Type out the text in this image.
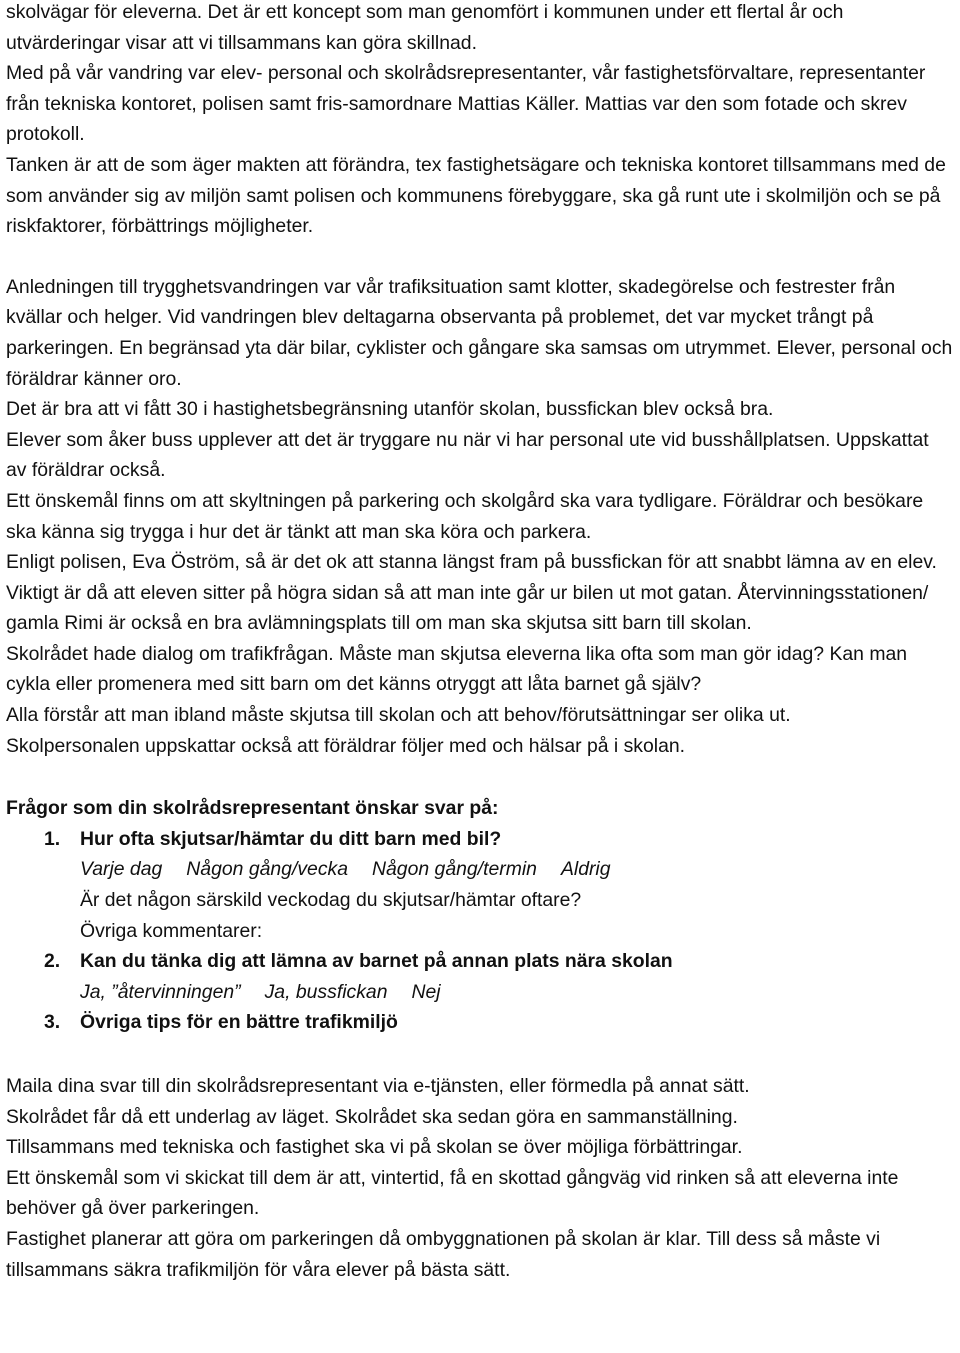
skolvägar för eleverna. Det är ett koncept som man genomfört i kommunen under ett flertal år och utvärderingar visar att vi tillsammans kan göra skillnad.

Med på vår vandring var elev- personal och skolrådsrepresentanter, vår fastighetsförvaltare, representanter från tekniska kontoret, polisen samt fris-samordnare Mattias Käller. Mattias var den som fotade och skrev protokoll.

Tanken är att de som äger makten att förändra, tex fastighetsägare och tekniska kontoret tillsammans med de som använder sig av miljön samt polisen och kommunens förebyggare, ska gå runt ute i skolmiljön och se på riskfaktorer, förbättrings möjligheter.

Anledningen till trygghetsvandringen var vår trafiksituation samt klotter, skadegörelse och festrester från kvällar och helger. Vid vandringen blev deltagarna observanta på problemet, det var mycket trångt på parkeringen. En begränsad yta där bilar, cyklister och gångare ska samsas om utrymmet. Elever, personal och föräldrar känner oro.

Det är bra att vi fått 30 i hastighetsbegränsning utanför skolan, bussfickan blev också bra.

Elever som åker buss upplever att det är tryggare nu när vi har personal ute vid busshållplatsen. Uppskattat av föräldrar också.

Ett önskemål finns om att skyltningen på parkering och skolgård ska vara tydligare. Föräldrar och besökare ska känna sig trygga i hur det är tänkt att man ska köra och parkera.

Enligt polisen, Eva Öström, så är det ok att stanna längst fram på bussfickan för att snabbt lämna av en elev. Viktigt är då att eleven sitter på högra sidan så att man inte går ur bilen ut mot gatan. Återvinningsstationen/ gamla Rimi är också en bra avlämningsplats till om man ska skjutsa sitt barn till skolan.

Skolrådet hade dialog om trafikfrågan. Måste man skjutsa eleverna lika ofta som man gör idag? Kan man cykla eller promenera med sitt barn om det känns otryggt att låta barnet gå själv?

Alla förstår att man ibland måste skjutsa till skolan och att behov/förutsättningar ser olika ut.

Skolpersonalen uppskattar också att föräldrar följer med och hälsar på i skolan.

Frågor som din skolrådsrepresentant önskar svar på:

1.	Hur ofta skjutsar/hämtar du ditt barn med bil?
Varje dag Någon gång/vecka Någon gång/termin Aldrig
Är det någon särskild veckodag du skjutsar/hämtar oftare?
Övriga kommentarer:
2.	Kan du tänka dig att lämna av barnet på annan plats nära skolan
Ja, ”återvinningen” Ja, bussfickan Nej
3.	Övriga tips för en bättre trafikmiljö

Maila dina svar till din skolrådsrepresentant via e-tjänsten, eller förmedla på annat sätt.

Skolrådet får då ett underlag av läget. Skolrådet ska sedan göra en sammanställning.

Tillsammans med tekniska och fastighet ska vi på skolan se över möjliga förbättringar.

Ett önskemål som vi skickat till dem är att, vintertid, få en skottad gångväg vid rinken så att eleverna inte behöver gå över parkeringen.

Fastighet planerar att göra om parkeringen då ombyggnationen på skolan är klar. Till dess så måste vi tillsammans säkra trafikmiljön för våra elever på bästa sätt.
